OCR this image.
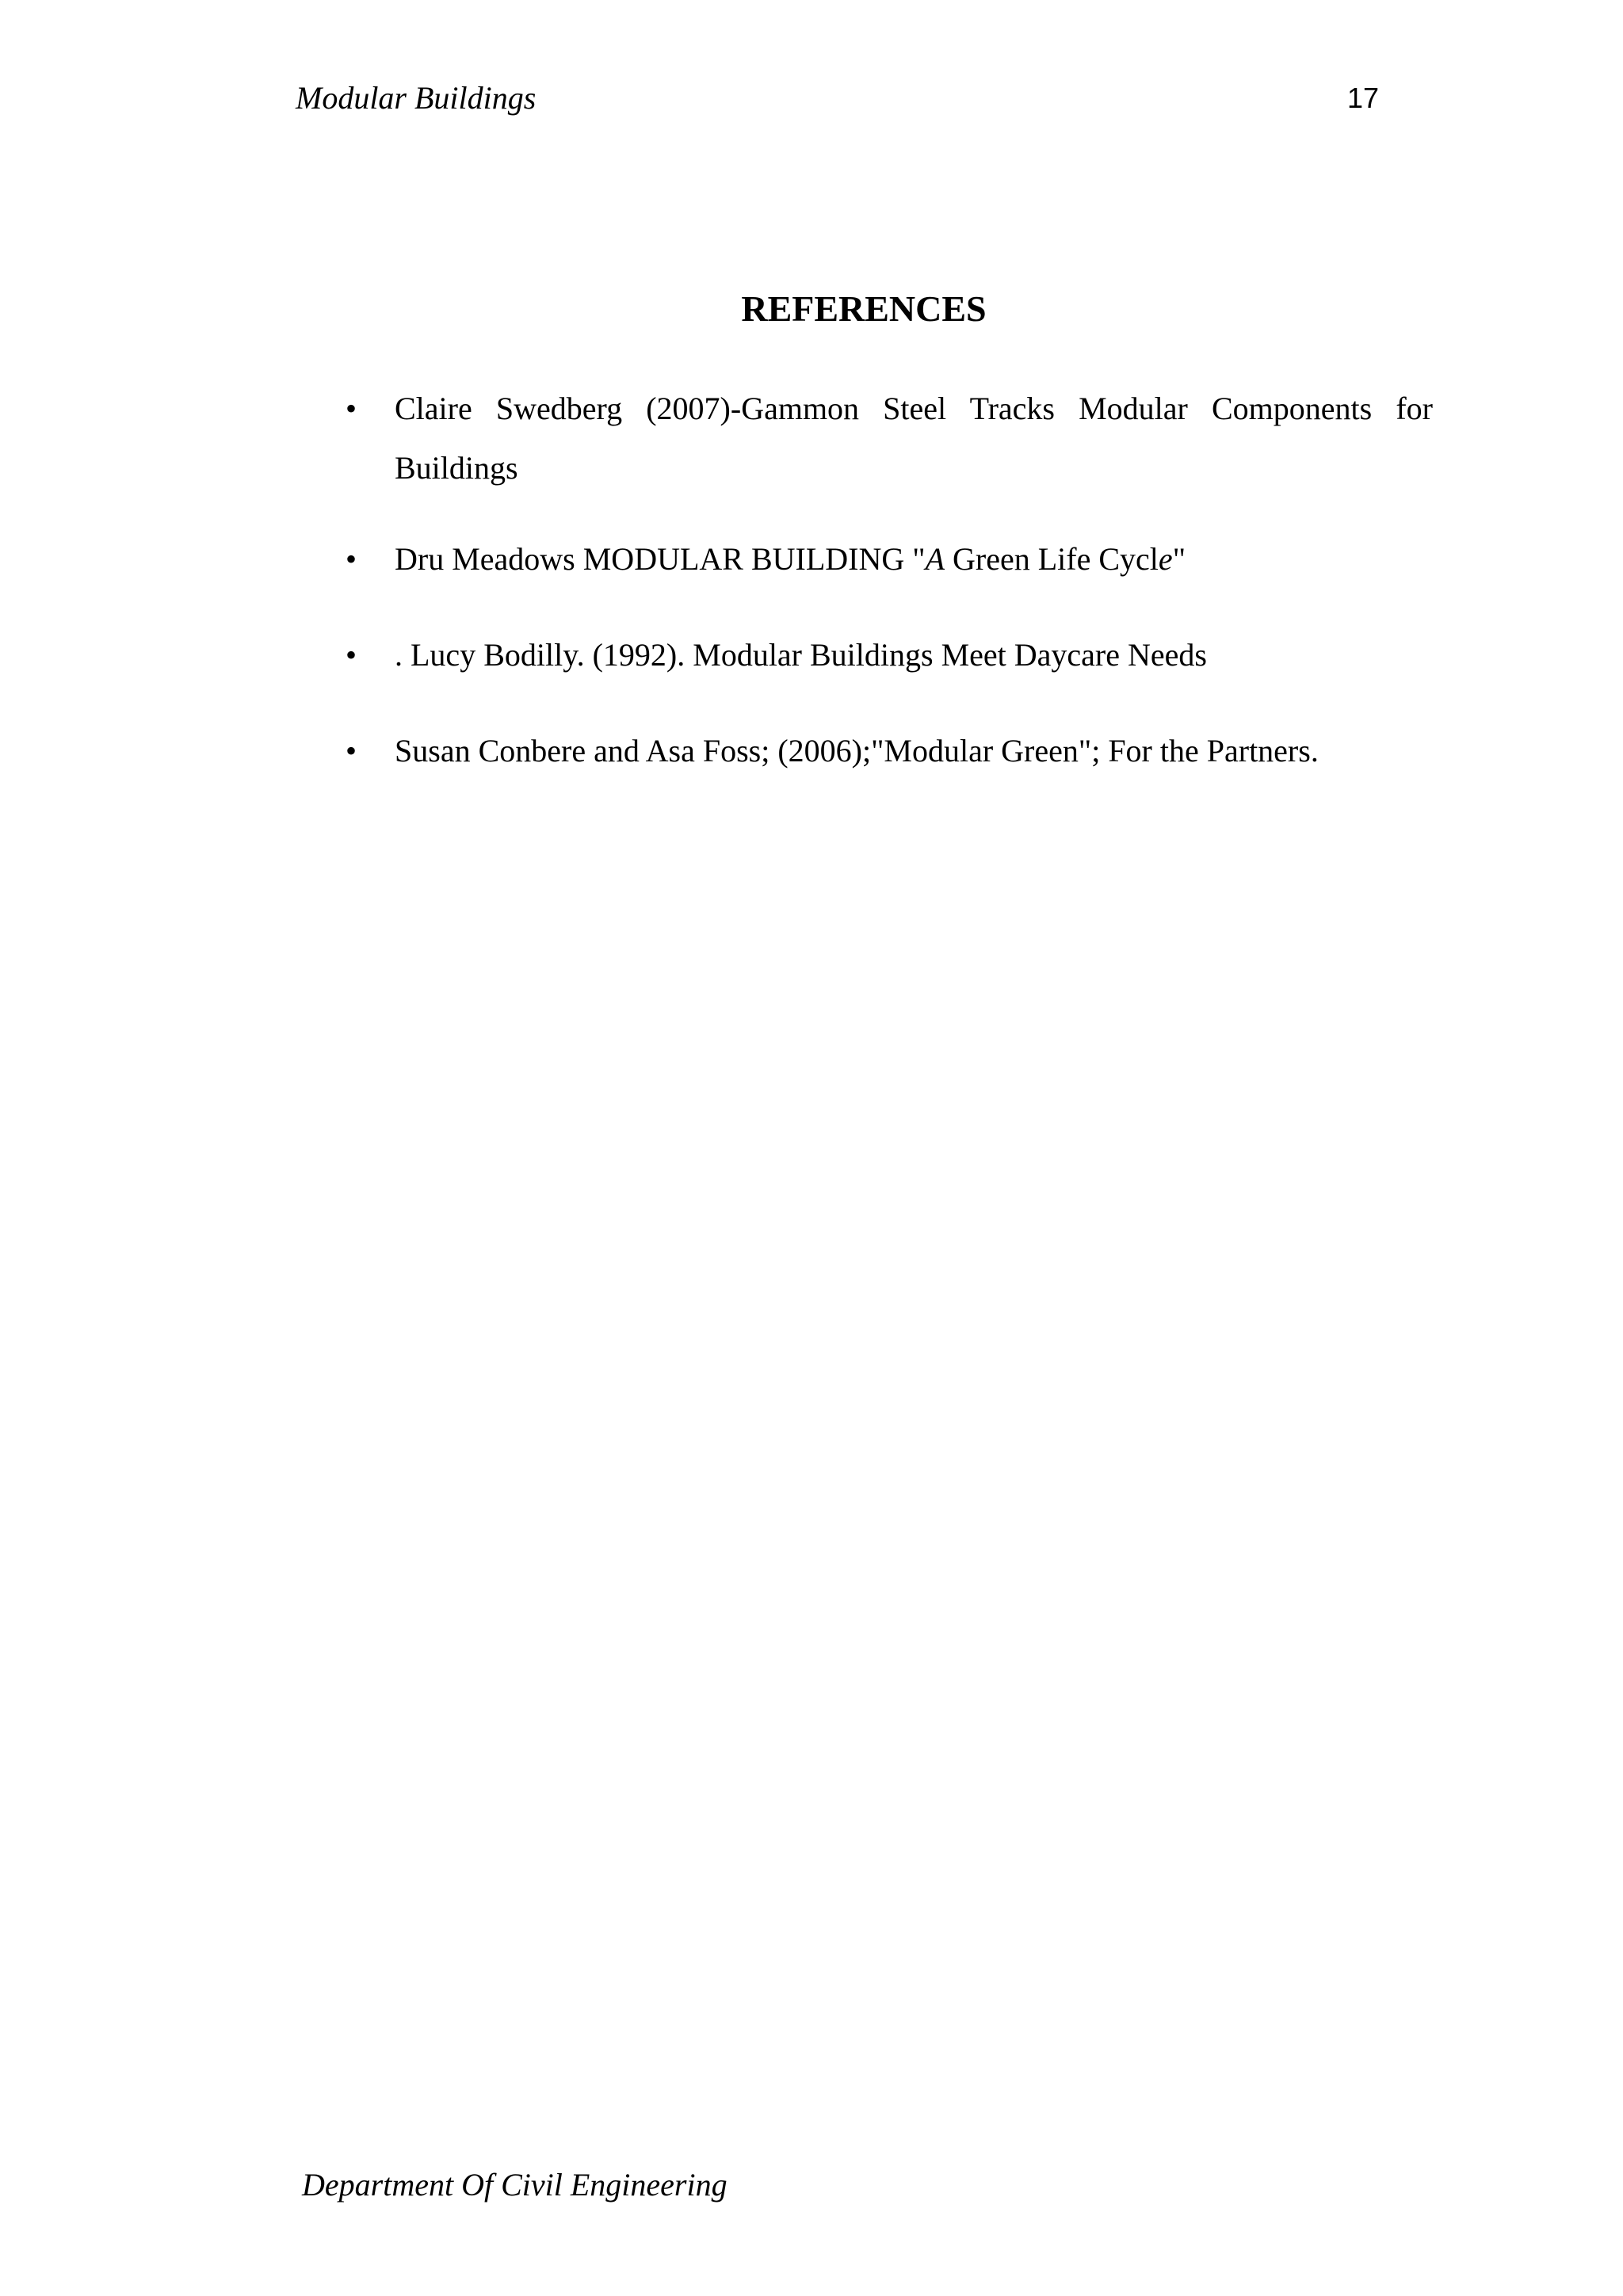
Modular Buildings	17
REFERENCES
• Claire Swedberg (2007)-Gammon Steel Tracks Modular Components for Buildings
• Dru Meadows MODULAR BUILDING "A Green Life Cycle"
• . Lucy Bodilly. (1992). Modular Buildings Meet Daycare Needs
• Susan Conbere and Asa Foss; (2006);"Modular Green"; For the Partners.
Department Of Civil Engineering
